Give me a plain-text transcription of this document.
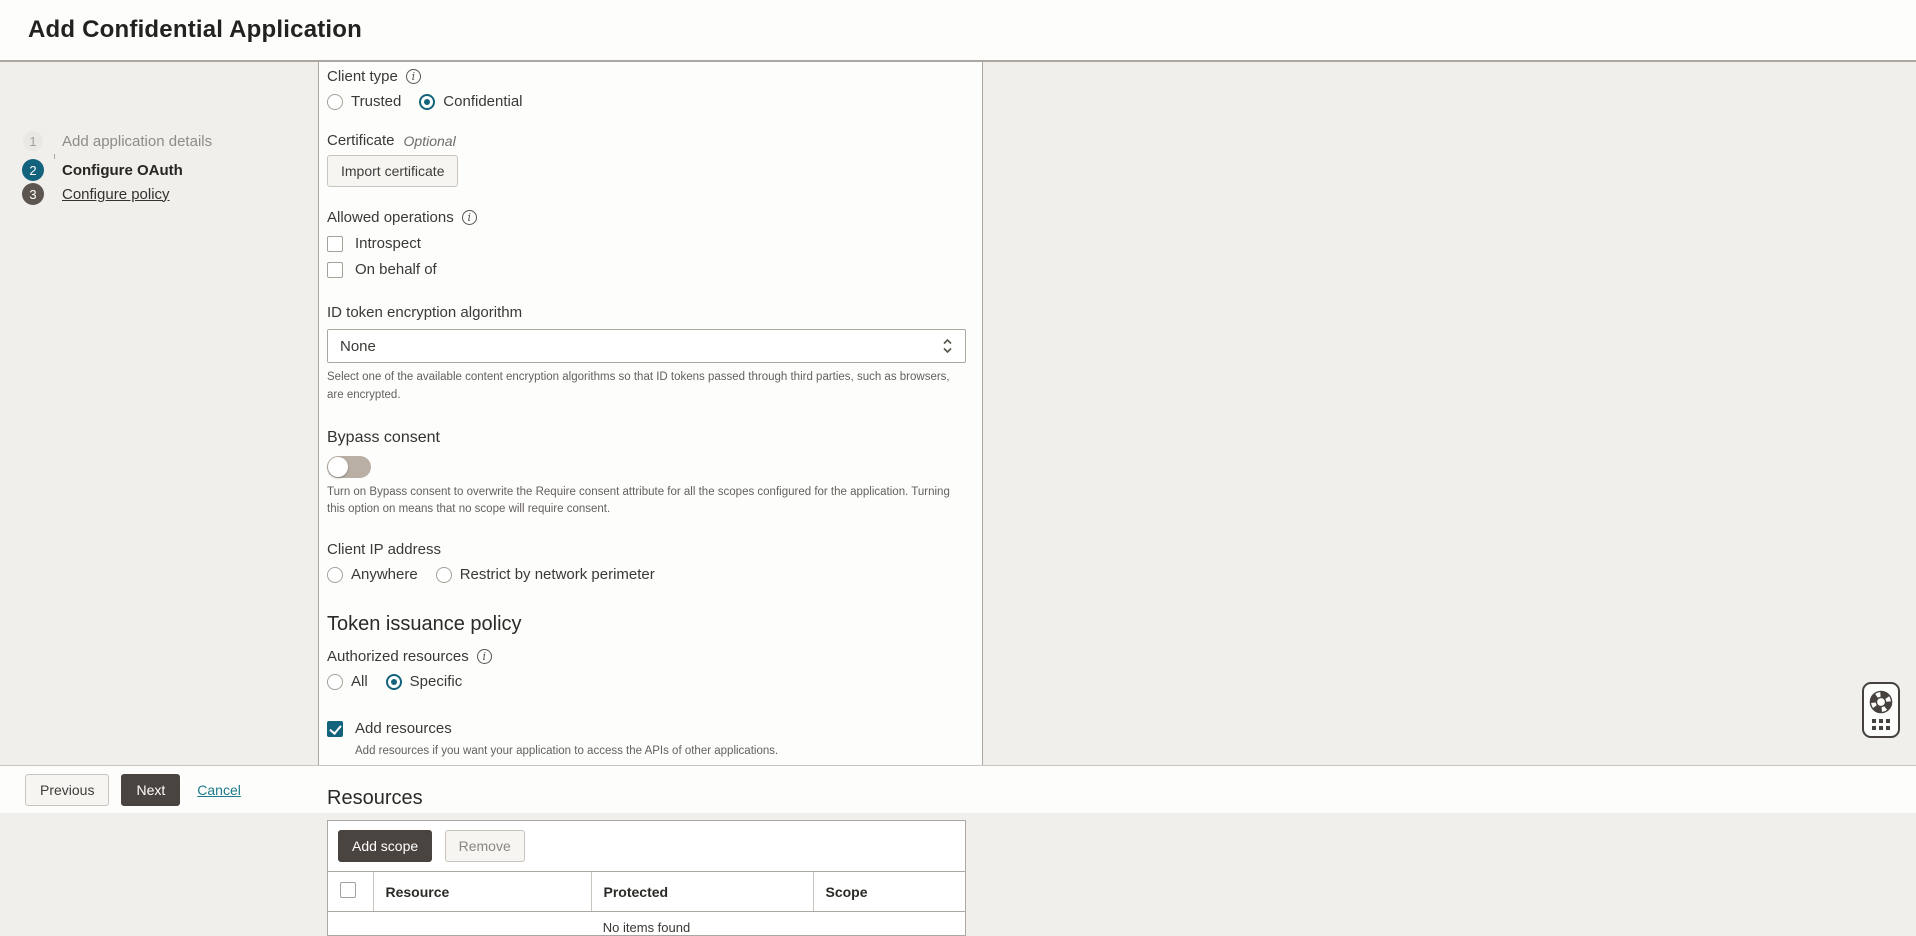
Add Confidential Application
1	Add application details
2	Configure OAuth
3	Configure policy
Client type	i
Trusted	Confidential
Certificate Optional
Import certificate
Allowed operations	i
Introspect
On behalf of
ID token encryption algorithm
None
Select one of the available content encryption algorithms so that ID tokens passed through third parties, such as browsers, are encrypted.
Bypass consent
Turn on Bypass consent to overwrite the Require consent attribute for all the scopes configured for the application. Turning this option on means that no scope will require consent.
Client IP address
Anywhere	Restrict by network perimeter
Token issuance policy
Authorized resources	i
All	Specific
Add resources
Add resources if you want your application to access the APIs of other applications.
Resources
Add scope	Remove
	Resource	Protected	Scope
No items found
Previous	Next	Cancel
